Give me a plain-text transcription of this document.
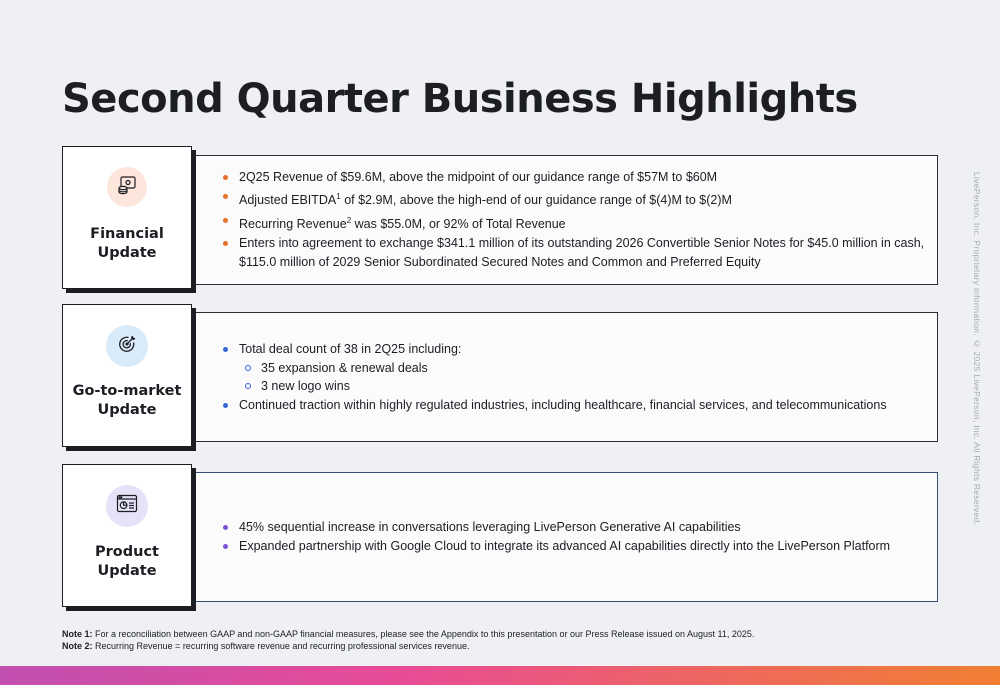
Second Quarter Business Highlights
LivePerson, Inc. Proprietary information. © 2025 LivePerson, Inc. All Rights Reserved.
Financial
Update
2Q25 Revenue of $59.6M, above the midpoint of our guidance range of $57M to $60M
Adjusted EBITDA$^1$ of $2.9M, above the high-end of our guidance range of $(4)M to $(2)M
Recurring Revenue$^2$ was $55.0M, or 92% of Total Revenue
Enters into agreement to exchange $341.1 million of its outstanding 2026 Convertible Senior Notes for $45.0 million in cash, $115.0 million of 2029 Senior Subordinated Secured Notes and Common and Preferred Equity
Go-to-market
Update
Total deal count of 38 in 2Q25 including:
35 expansion & renewal deals
3 new logo wins
Continued traction within highly regulated industries, including healthcare, financial services, and telecommunications
Product
Update
45% sequential increase in conversations leveraging LivePerson Generative AI capabilities
Expanded partnership with Google Cloud to integrate its advanced AI capabilities directly into the LivePerson Platform
Note 1: For a reconciliation between GAAP and non-GAAP financial measures, please see the Appendix to this presentation or our Press Release issued on August 11, 2025.
Note 2: Recurring Revenue = recurring software revenue and recurring professional services revenue.
